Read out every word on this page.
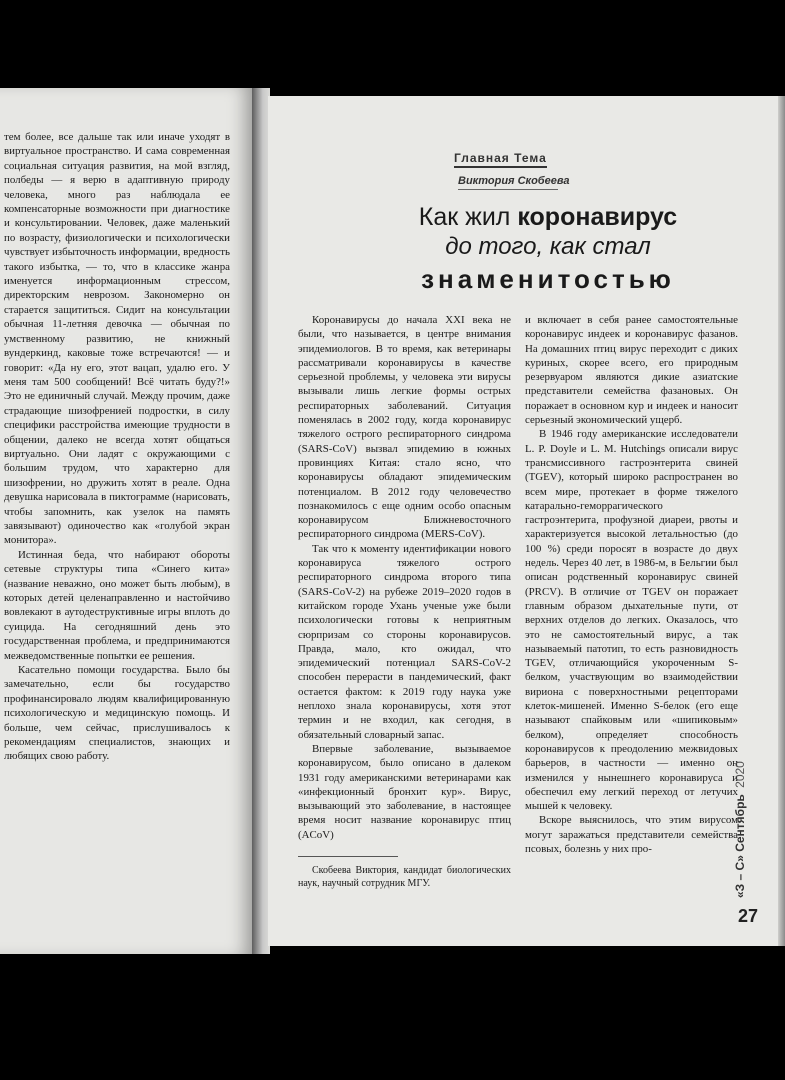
тем более, все дальше так или иначе уходят в виртуальное пространство. И сама современная социальная ситуация развития, на мой взгляд, полбеды — я верю в адаптивную природу человека, много раз наблюдала ее компенсаторные возможности при диагностике и консультировании. Человек, даже маленький по возрасту, физиологически и психологически чувствует избыточность информации, вредность такого избытка, — то, что в классике жанра именуется информационным стрессом, директорским неврозом. Закономерно он старается защититься. Сидит на консультации обычная 11-летняя девочка — обычная по умственному развитию, не книжный вундеркинд, каковые тоже встречаются! — и говорит: «Да ну его, этот вацап, удалю его. У меня там 500 сообщений! Всё читать буду?!» Это не единичный случай. Между прочим, даже страдающие шизофренией подростки, в силу специфики расстройства имеющие трудности в общении, далеко не всегда хотят общаться виртуально. Они ладят с окружающими с большим трудом, что характерно для шизофрении, но дружить хотят в реале. Одна девушка нарисовала в пиктограмме (нарисовать, чтобы запомнить, как узелок на память завязывают) одиночество как «голубой экран монитора».

Истинная беда, что набирают обороты сетевые структуры типа «Синего кита» (название неважно, оно может быть любым), в которых детей целенаправленно и настойчиво вовлекают в аутодеструктивные игры вплоть до суицида. На сегодняшний день это государственная проблема, и предпринимаются межведомственные попытки ее решения.

Касательно помощи государства. Было бы замечательно, если бы государство профинансировало людям квалифицированную психологическую и медицинскую помощь. И больше, чем сейчас, прислушивалось к рекомендациям специалистов, знающих и любящих свою работу.

Главная Тема
Виктория Скобеева
Как жил коронавирус
до того, как стал
знаменитостью

Коронавирусы до начала XXI века не были, что называется, в центре внимания эпидемиологов. В то время, как ветеринары рассматривали коронавирусы в качестве серьезной проблемы, у человека эти вирусы вызывали лишь легкие формы острых респираторных заболеваний. Ситуация поменялась в 2002 году, когда коронавирус тяжелого острого респираторного синдрома (SARS-CoV) вызвал эпидемию в южных провинциях Китая: стало ясно, что коронавирусы обладают эпидемическим потенциалом. В 2012 году человечество познакомилось с еще одним особо опасным коронавирусом Ближневосточного респираторного синдрома (MERS-CoV).

Так что к моменту идентификации нового коронавируса тяжелого острого респираторного синдрома второго типа (SARS-CoV-2) на рубеже 2019–2020 годов в китайском городе Ухань ученые уже были психологически готовы к неприятным сюрпризам со стороны коронавирусов. Правда, мало, кто ожидал, что эпидемический потенциал SARS-CoV-2 способен перерасти в пандемический, факт остается фактом: к 2019 году наука уже неплохо знала коронавирусы, хотя этот термин и не входил, как сегодня, в обязательный словарный запас.

Впервые заболевание, вызываемое коронавирусом, было описано в далеком 1931 году американскими ветеринарами как «инфекционный бронхит кур». Вирус, вызывающий это заболевание, в настоящее время носит название коронавирус птиц (ACoV)

Скобеева Виктория, кандидат биологических наук, научный сотрудник МГУ.

и включает в себя ранее самостоятельные коронавирус индеек и коронавирус фазанов. На домашних птиц вирус переходит с диких куриных, скорее всего, его природным резервуаром являются дикие азиатские представители семейства фазановых. Он поражает в основном кур и индеек и наносит серьезный экономический ущерб.

В 1946 году американские исследователи L. P. Doyle и L. M. Hutchings описали вирус трансмиссивного гастроэнтерита свиней (TGEV), который широко распространен во всем мире, протекает в форме тяжелого катарально-геморрагического гастроэнтерита, профузной диареи, рвоты и характеризуется высокой летальностью (до 100 %) среди поросят в возрасте до двух недель. Через 40 лет, в 1986-м, в Бельгии был описан родственный коронавирус свиней (PRCV). В отличие от TGEV он поражает главным образом дыхательные пути, от верхних отделов до легких. Оказалось, что это не самостоятельный вирус, а так называемый патотип, то есть разновидность TGEV, отличающийся укороченным S-белком, участвующим во взаимодействии вириона с поверхностными рецепторами клеток-мишеней. Именно S-белок (его еще называют спайковым или «шипиковым» белком), определяет способность коронавирусов к преодолению межвидовых барьеров, в частности — именно он изменился у нынешнего коронавируса и обеспечил ему легкий переход от летучих мышей к человеку.

Вскоре выяснилось, что этим вирусом могут заражаться представители семейства псовых, болезнь у них про-

«З – С» Сентябрь 2020
27
